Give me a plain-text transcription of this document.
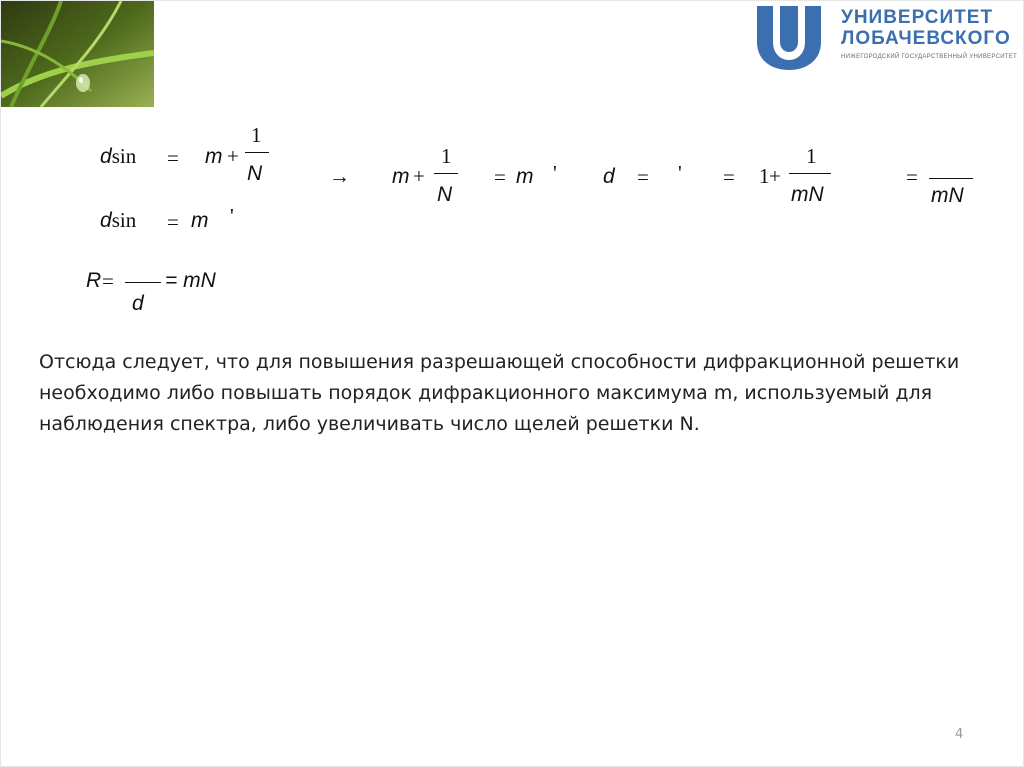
УНИВЕРСИТЕТ
ЛОБАЧЕВСКОГО
НИЖЕГОРОДСКИЙ ГОСУДАРСТВЕННЫЙ УНИВЕРСИТЕТ
dsin = m +
1
N	→ m +
1
N
= m ' d = ' = 1 +
1
mN
=
mN
dsin = m '
R =
d
= mN

Отсюда следует, что для повышения разрешающей способности дифракционной решетки необходимо либо повышать порядок дифракционного максимума m, используемый для наблюдения спектра, либо увеличивать число щелей решетки N.

4
